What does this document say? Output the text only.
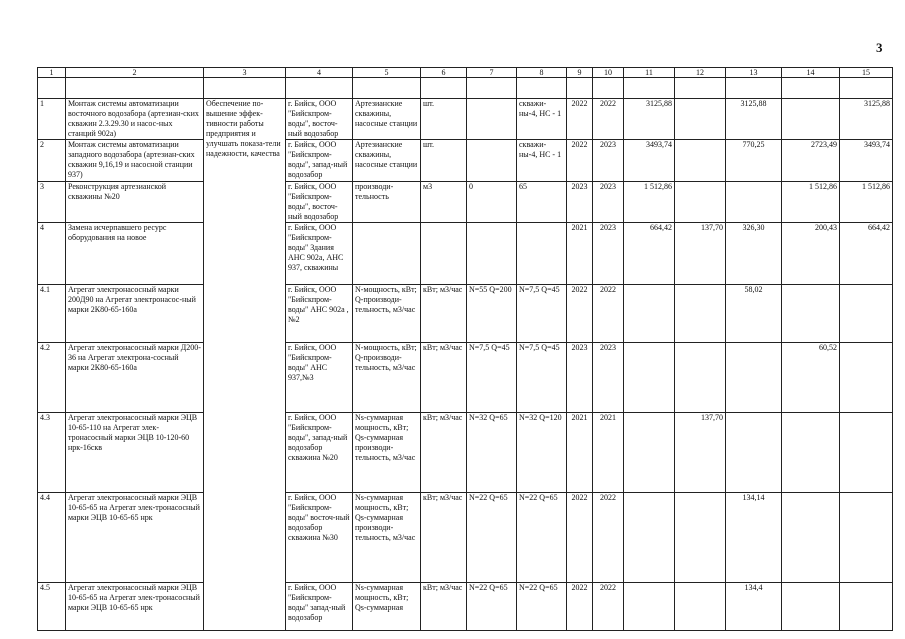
3
1	2	3	4	5	6	7	8	9	10	11	12	13	14	15

1	Монтаж системы автоматизации восточного водозабора (артезиан-ских скважин 2.3.29.30 и насос-ных станций 902а)	Обеспечение по-вышение эффек-тивности работы предприятия и улучшать показа-тели надежности, качества	г. Бийск, ООО "Бийскпром-воды", восточ-ный водозабор	Артезианские скважины, насосные станции	шт.		скважи-ны-4, НС - 1	2022	2022	3125,88		3125,88		3125,88
2	Монтаж системы автоматизации западного водозабора (артезиан-ских скважин 9,16,19 и насосной станции 937)		г. Бийск, ООО "Бийскпром-воды", запад-ный водозабор	Артезианские скважины, насосные станции	шт.		скважи-ны-4, НС - 1	2022	2023	3493,74		770,25	2723,49	3493,74
3	Реконструкция артезианской скважины №20		г. Бийск, ООО "Бийскпром-воды", восточ-ный водозабор	производи-тельность	м3	0	65	2023	2023	1 512,86			1 512,86	1 512,86
4	Замена исчерпавшего ресурс оборудования на новое		г. Бийск, ООО "Бийскпром-воды" Здания АНС 902а, АНС 937, скважины					2021	2023	664,42	137,70	326,30	200,43	664,42
4.1	Агрегат электронасосный марки 200Д90 на Агрегат электронасос-ный марки 2К80-65-160а		г. Бийск, ООО "Бийскпром-воды" АНС 902а ,№2	N-мощность, кВт; Q-производи-тельность, м3/час	кВт; м3/час	N=55 Q=200	N=7,5 Q=45	2022	2022			58,02		
4.2	Агрегат электронасосный марки Д200-36 на Агрегат электрона-сосный марки 2К80-65-160а		г. Бийск, ООО "Бийскпром-воды" АНС 937,№3	N-мощность, кВт; Q-производи-тельность, м3/час	кВт; м3/час	N=7,5 Q=45	N=7,5 Q=45	2023	2023				60,52	
4.3	Агрегат электронасосный марки ЭЦВ 10-65-110 на Агрегат элек-тронасосный марки ЭЦВ 10-120-60 нрк-16скв		г. Бийск, ООО "Бийскпром-воды", запад-ный водозабор скважина №20	Ns-суммарная мощность, кВт; Qs-суммарная производи-тельность, м3/час	кВт; м3/час	N=32 Q=65	N=32 Q=120	2021	2021		137,70			
4.4	Агрегат электронасосный марки ЭЦВ 10-65-65 на Агрегат элек-тронасосный марки ЭЦВ 10-65-65 нрк		г. Бийск, ООО "Бийскпром-воды" восточ-ный водозабор скважина №30	Ns-суммарная мощность, кВт; Qs-суммарная производи-тельность, м3/час	кВт; м3/час	N=22 Q=65	N=22 Q=65	2022	2022			134,14		
4.5	Агрегат электронасосный марки ЭЦВ 10-65-65 на Агрегат элек-тронасосный марки ЭЦВ 10-65-65 нрк		г. Бийск, ООО "Бийскпром-воды" запад-ный водозабор	Ns-суммарная мощность, кВт; Qs-суммарная	кВт; м3/час	N=22 Q=65	N=22 Q=65	2022	2022			134,4		
